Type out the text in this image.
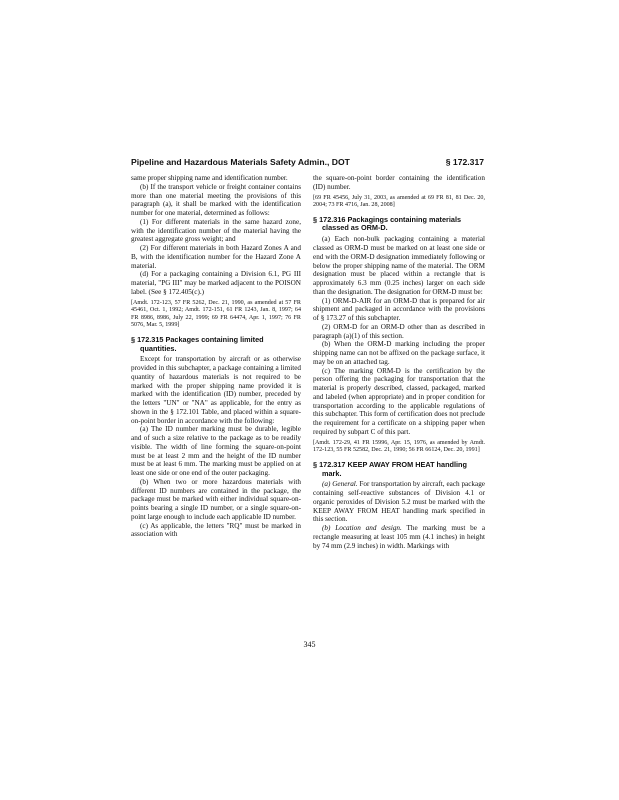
Pipeline and Hazardous Materials Safety Admin., DOT	§ 172.317

same proper shipping name and identification number.

(b) If the transport vehicle or freight container contains more than one material meeting the provisions of this paragraph (a), it shall be marked with the identification number for one material, determined as follows:

(1) For different materials in the same hazard zone, with the identification number of the material having the greatest aggregate gross weight; and

(2) For different materials in both Hazard Zones A and B, with the identification number for the Hazard Zone A material.

(d) For a packaging containing a Division 6.1, PG III material, "PG III" may be marked adjacent to the POISON label. (See § 172.405(c).)

[Amdt. 172-123, 57 FR 5262, Dec. 21, 1990, as amended at 57 FR 45461, Oct. 1, 1992; Amdt. 172-151, 61 FR 1243, Jan. 8, 1997; 64 FR 8986, 8986, July 22, 1999; 69 FR 64474, Apr. 1, 1997; 76 FR 5076, Mar. 5, 1999]

§ 172.315 Packages containing limited quantities.

Except for transportation by aircraft or as otherwise provided in this subchapter, a package containing a limited quantity of hazardous materials is not required to be marked with the proper shipping name provided it is marked with the identification (ID) number, preceded by the letters "UN" or "NA" as applicable, for the entry as shown in the § 172.101 Table, and placed within a square-on-point border in accordance with the following:

(a) The ID number marking must be durable, legible and of such a size relative to the package as to be readily visible. The width of line forming the square-on-point must be at least 2 mm and the height of the ID number must be at least 6 mm. The marking must be applied on at least one side or one end of the outer packaging.

(b) When two or more hazardous materials with different ID numbers are contained in the package, the package must be marked with either individual square-on-points bearing a single ID number, or a single square-on-point large enough to include each applicable ID number.

(c) As applicable, the letters "RQ" must be marked in association with

the square-on-point border containing the identification (ID) number.

[69 FR 45456, July 31, 2003, as amended at 69 FR 81, 81 Dec. 20, 2004; 73 FR 4716, Jan. 28, 2008]

§ 172.316 Packagings containing materials classed as ORM-D.

(a) Each non-bulk packaging containing a material classed as ORM-D must be marked on at least one side or end with the ORM-D designation immediately following or below the proper shipping name of the material. The ORM designation must be placed within a rectangle that is approximately 6.3 mm (0.25 inches) larger on each side than the designation. The designation for ORM-D must be:

(1) ORM-D-AIR for an ORM-D that is prepared for air shipment and packaged in accordance with the provisions of § 173.27 of this subchapter.

(2) ORM-D for an ORM-D other than as described in paragraph (a)(1) of this section.

(b) When the ORM-D marking including the proper shipping name can not be affixed on the package surface, it may be on an attached tag.

(c) The marking ORM-D is the certification by the person offering the packaging for transportation that the material is properly described, classed, packaged, marked and labeled (when appropriate) and in proper condition for transportation according to the applicable regulations of this subchapter. This form of certification does not preclude the requirement for a certificate on a shipping paper when required by subpart C of this part.

[Amdt. 172-29, 41 FR 15996, Apr. 15, 1976, as amended by Amdt. 172-123, 55 FR 52582, Dec. 21, 1990; 56 FR 66124, Dec. 20, 1991]

§ 172.317 KEEP AWAY FROM HEAT handling mark.

(a) General. For transportation by aircraft, each package containing self-reactive substances of Division 4.1 or organic peroxides of Division 5.2 must be marked with the KEEP AWAY FROM HEAT handling mark specified in this section.

(b) Location and design. The marking must be a rectangle measuring at least 105 mm (4.1 inches) in height by 74 mm (2.9 inches) in width. Markings with

345
